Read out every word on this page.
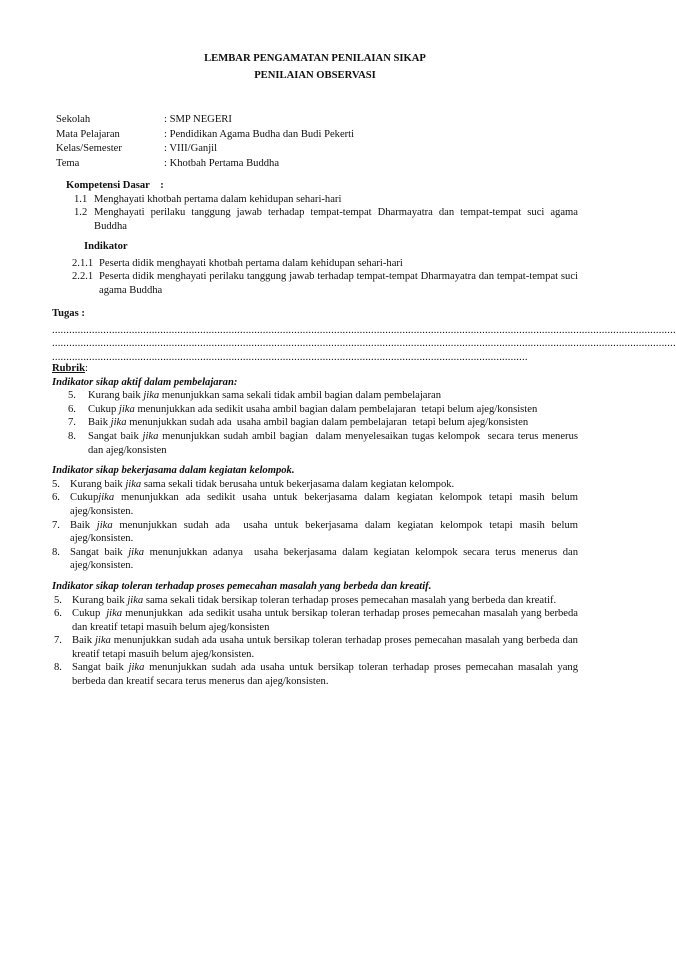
LEMBAR PENGAMATAN PENILAIAN SIKAP
PENILAIAN OBSERVASI
Sekolah	: SMP NEGERI
Mata Pelajaran	: Pendidikan Agama Budha dan Budi Pekerti
Kelas/Semester	: VIII/Ganjil
Tema	: Khotbah Pertama Buddha
Kompetensi Dasar    :
1.1 Menghayati khotbah pertama dalam kehidupan sehari-hari
1.2 Menghayati perilaku tanggung jawab terhadap tempat-tempat Dharmayatra dan tempat-tempat suci agama Buddha
Indikator
2.1.1 Peserta didik menghayati khotbah pertama dalam kehidupan sehari-hari
2.2.1 Peserta didik menghayati perilaku tanggung jawab terhadap tempat-tempat Dharmayatra dan tempat-tempat suci agama Buddha
Tugas :
...........................................................................................................................................................................................................................
...........................................................................................................................................................................................................................
.......................................................................................................................................................................
Rubrik:
Indikator sikap aktif dalam pembelajaran:
5.	Kurang baik jika menunjukkan sama sekali tidak ambil bagian dalam pembelajaran
6.	Cukup jika menunjukkan ada sedikit usaha ambil bagian dalam pembelajaran  tetapi belum ajeg/konsisten
7.	Baik jika menunjukkan sudah ada  usaha ambil bagian dalam pembelajaran  tetapi belum ajeg/konsisten
8.	Sangat baik jika menunjukkan sudah ambil bagian  dalam menyelesaikan tugas kelompok  secara terus menerus dan ajeg/konsisten
Indikator sikap bekerjasama dalam kegiatan kelompok.
5. Kurang baik jika sama sekali tidak berusaha untuk bekerjasama dalam kegiatan kelompok.
6. Cukupjika menunjukkan ada sedikit usaha untuk bekerjasama dalam kegiatan kelompok tetapi masih belum ajeg/konsisten.
7. Baik jika menunjukkan sudah ada  usaha untuk bekerjasama dalam kegiatan kelompok tetapi masih belum ajeg/konsisten.
8. Sangat baik jika menunjukkan adanya  usaha bekerjasama dalam kegiatan kelompok secara terus menerus dan ajeg/konsisten.
Indikator sikap toleran terhadap proses pemecahan masalah yang berbeda dan kreatif.
5. Kurang baik jika sama sekali tidak bersikap toleran terhadap proses pemecahan masalah yang berbeda dan kreatif.
6. Cukup  jika menunjukkan  ada sedikit usaha untuk bersikap toleran terhadap proses pemecahan masalah yang berbeda dan kreatif tetapi masuih belum ajeg/konsisten
7. Baik jika menunjukkan sudah ada usaha untuk bersikap toleran terhadap proses pemecahan masalah yang berbeda dan kreatif tetapi masuih belum ajeg/konsisten.
8. Sangat baik jika menunjukkan sudah ada usaha untuk bersikap toleran terhadap proses pemecahan masalah yang berbeda dan kreatif secara terus menerus dan ajeg/konsisten.
